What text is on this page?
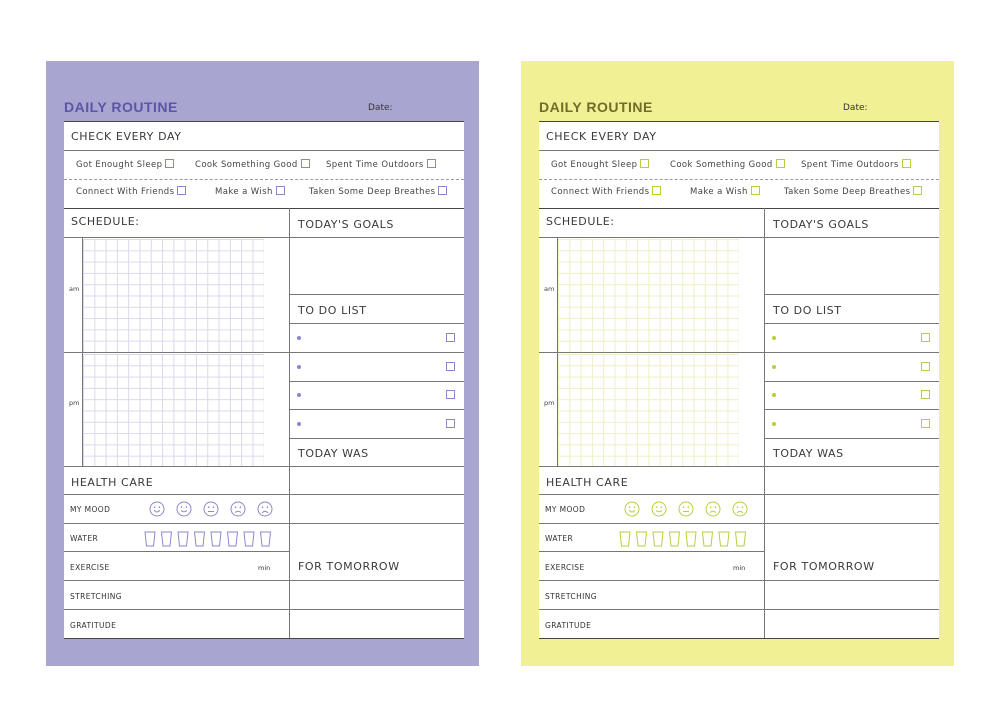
DAILY ROUTINE	Date:
CHECK EVERY DAY
Got Enought Sleep	Cook Something Good	Spent Time Outdoors
Connect With Friends	Make a Wish	Taken Some Deep Breathes
SCHEDULE:
am
pm
TODAY'S GOALS
TO DO LIST
TODAY WAS
FOR TOMORROW
HEALTH CARE
MY MOOD
WATER
EXERCISE	min
STRETCHING
GRATITUDE
DAILY ROUTINE	Date:
CHECK EVERY DAY
Got Enought Sleep	Cook Something Good	Spent Time Outdoors
Connect With Friends	Make a Wish	Taken Some Deep Breathes
SCHEDULE:
am
pm
TODAY'S GOALS
TO DO LIST
TODAY WAS
FOR TOMORROW
HEALTH CARE
MY MOOD
WATER
EXERCISE	min
STRETCHING
GRATITUDE
